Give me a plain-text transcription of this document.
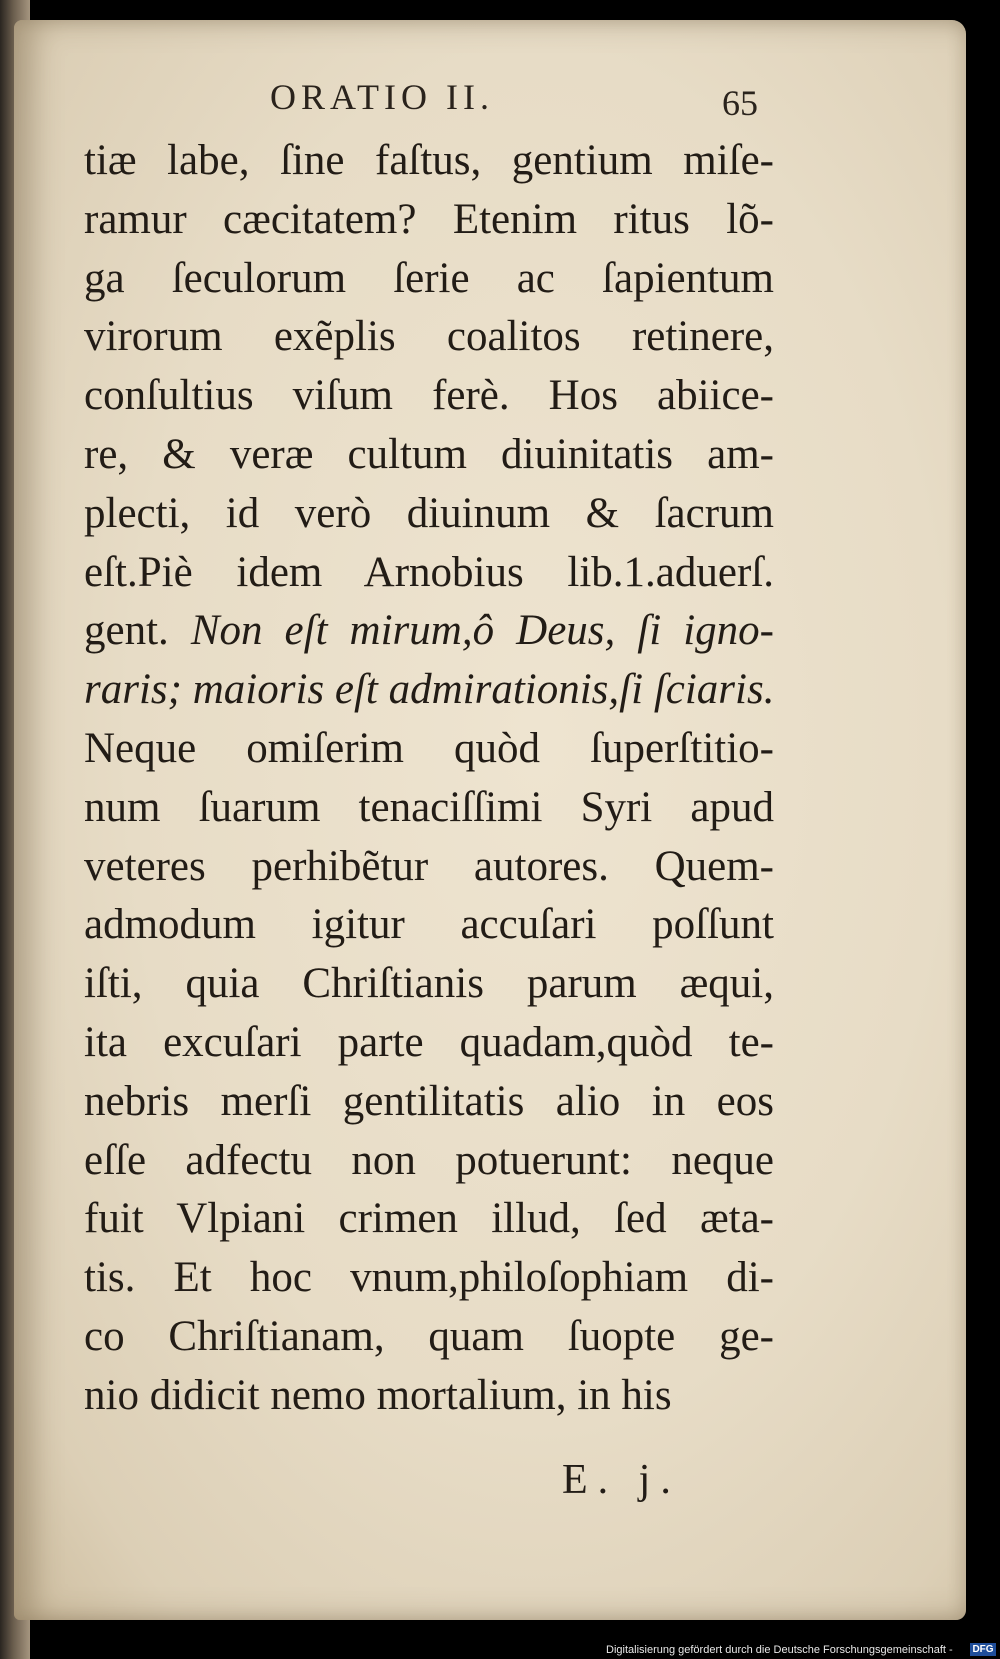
ORATIO II.	65
tiæ labe, ſine faſtus, gentium miſe-
ramur cæcitatem? Etenim ritus lõ-
ga ſeculorum ſerie ac ſapientum
virorum exẽplis coalitos retinere,
conſultius viſum ferè. Hos abiice-
re, & veræ cultum diuinitatis am-
plecti, id verò diuinum & ſacrum
eſt.Piè idem Arnobius lib.1.aduerſ.
gent. Non eſt mirum,ô Deus, ſi igno-
raris; maioris eſt admirationis,ſi ſciaris.
Neque omiſerim quòd ſuperſtitio-
num ſuarum tenaciſſimi Syri apud
veteres perhibẽtur autores. Quem-
admodum igitur accuſari poſſunt
iſti, quia Chriſtianis parum æqui,
ita excuſari parte quadam,quòd te-
nebris merſi gentilitatis alio in eos
eſſe adfectu non potuerunt: neque
fuit Vlpiani crimen illud, ſed æta-
tis. Et hoc vnum,philoſophiam di-
co Chriſtianam, quam ſuopte ge-
nio didicit nemo mortalium, in his
E. j.
Digitalisierung gefördert durch die Deutsche Forschungsgemeinschaft - DFG
